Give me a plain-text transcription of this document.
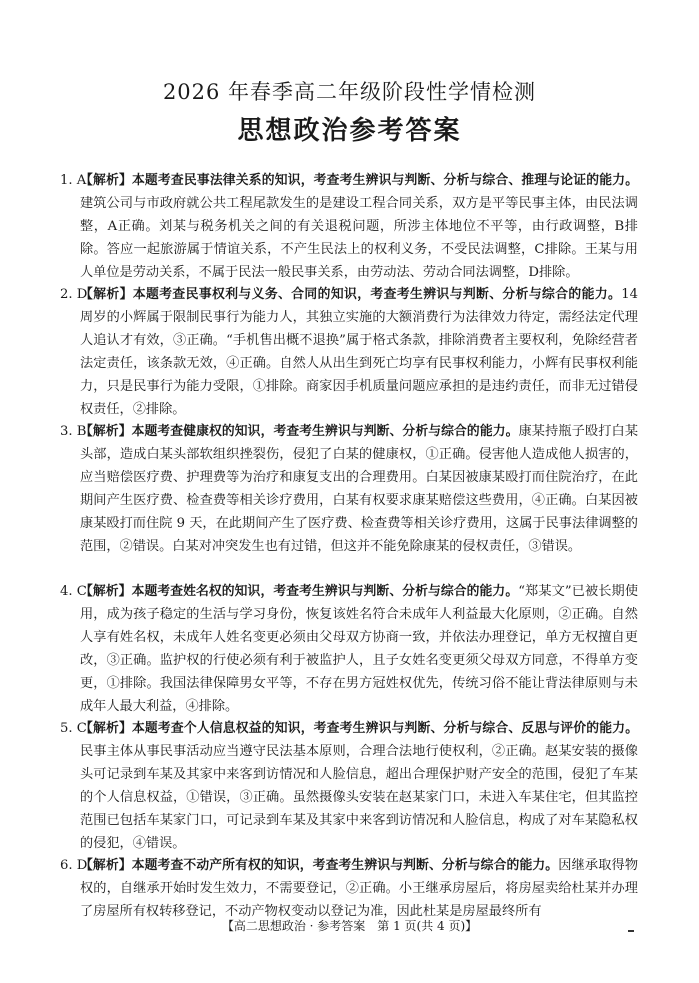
2026 年春季高二年级阶段性学情检测
思想政治参考答案
1. A
【解析】本题考查民事法律关系的知识，考查考生辨识与判断、分析与综合、推理与论证的能力。建筑公司与市政府就公共工程尾款发生的是建设工程合同关系，双方是平等民事主体，由民法调整，A正确。刘某与税务机关之间的有关退税问题，所涉主体地位不平等，由行政调整，B排除。答应一起旅游属于情谊关系，不产生民法上的权利义务，不受民法调整，C排除。王某与用人单位是劳动关系，不属于民法一般民事关系，由劳动法、劳动合同法调整，D排除。
2. D
【解析】本题考查民事权利与义务、合同的知识，考查考生辨识与判断、分析与综合的能力。14 周岁的小辉属于限制民事行为能力人，其独立实施的大额消费行为法律效力待定，需经法定代理人追认才有效，③正确。“手机售出概不退换”属于格式条款，排除消费者主要权利，免除经营者法定责任，该条款无效，④正确。自然人从出生到死亡均享有民事权利能力，小辉有民事权利能力，只是民事行为能力受限，①排除。商家因手机质量问题应承担的是违约责任，而非无过错侵权责任，②排除。
3. B
【解析】本题考查健康权的知识，考查考生辨识与判断、分析与综合的能力。康某持瓶子殴打白某头部，造成白某头部软组织挫裂伤，侵犯了白某的健康权，①正确。侵害他人造成他人损害的，应当赔偿医疗费、护理费等为治疗和康复支出的合理费用。白某因被康某殴打而住院治疗，在此期间产生医疗费、检查费等相关诊疗费用，白某有权要求康某赔偿这些费用，④正确。白某因被康某殴打而住院 9 天，在此期间产生了医疗费、检查费等相关诊疗费用，这属于民事法律调整的范围，②错误。白某对冲突发生也有过错，但这并不能免除康某的侵权责任，③错误。
4. C
【解析】本题考查姓名权的知识，考查考生辨识与判断、分析与综合的能力。“郑某文”已被长期使用，成为孩子稳定的生活与学习身份，恢复该姓名符合未成年人利益最大化原则，②正确。自然人享有姓名权，未成年人姓名变更必须由父母双方协商一致，并依法办理登记，单方无权擅自更改，③正确。监护权的行使必须有利于被监护人，且子女姓名变更须父母双方同意，不得单方变更，①排除。我国法律保障男女平等，不存在男方冠姓权优先，传统习俗不能让背法律原则与未成年人最大利益，④排除。
5. C
【解析】本题考查个人信息权益的知识，考查考生辨识与判断、分析与综合、反思与评价的能力。民事主体从事民事活动应当遵守民法基本原则，合理合法地行使权利，②正确。赵某安装的摄像头可记录到车某及其家中来客到访情况和人脸信息，超出合理保护财产安全的范围，侵犯了车某的个人信息权益，①错误，③正确。虽然摄像头安装在赵某家门口，未进入车某住宅，但其监控范围已包括车某家门口，可记录到车某及其家中来客到访情况和人脸信息，构成了对车某隐私权的侵犯，④错误。
6. D
【解析】本题考查不动产所有权的知识，考查考生辨识与判断、分析与综合的能力。因继承取得物权的，自继承开始时发生效力，不需要登记，②正确。小王继承房屋后，将房屋卖给杜某并办理了房屋所有权转移登记，不动产物权变动以登记为准，因此杜某是房屋最终所有
【高二思想政治 · 参考答案　第 1 页(共 4 页)】
